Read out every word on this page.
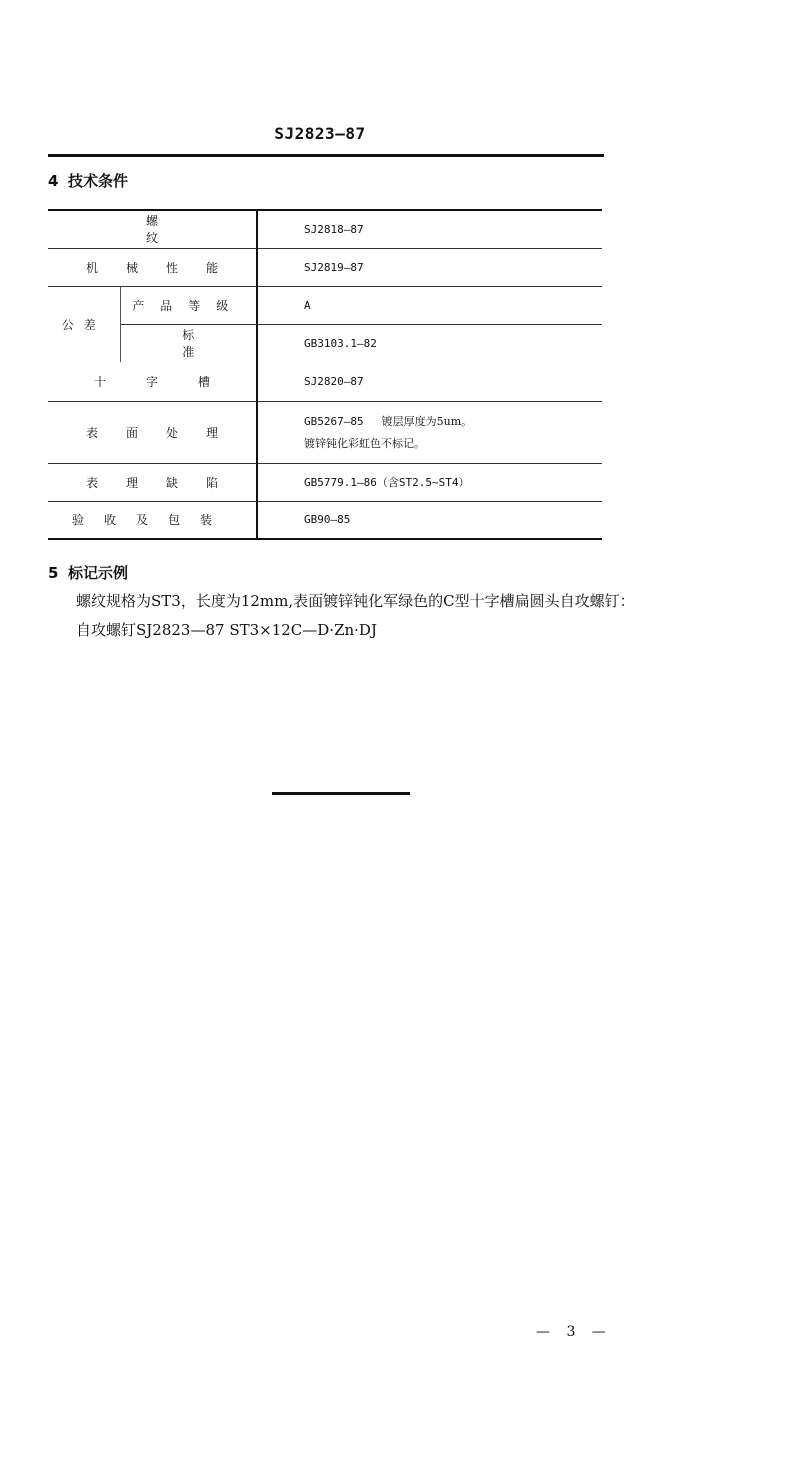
SJ2823—87
4 技术条件
螺纹		SJ2818—87
机械性能		SJ2819—87
公差	产品等级	A
	标准	GB3103.1—82
十字槽		SJ2820—87
表面处理		GB5267—85 镀层厚度为5um。
镀锌钝化彩虹色不标记。

表理缺陷		GB5779.1—86（含ST2.5~ST4）
验收及包装		GB90—85
5 标记示例
螺纹规格为ST3，长度为12mm,表面镀锌钝化军绿色的C型十字槽扁圆头自攻螺钉：
自攻螺钉SJ2823—87 ST3×12C—D·Zn·DJ
— 3 —
